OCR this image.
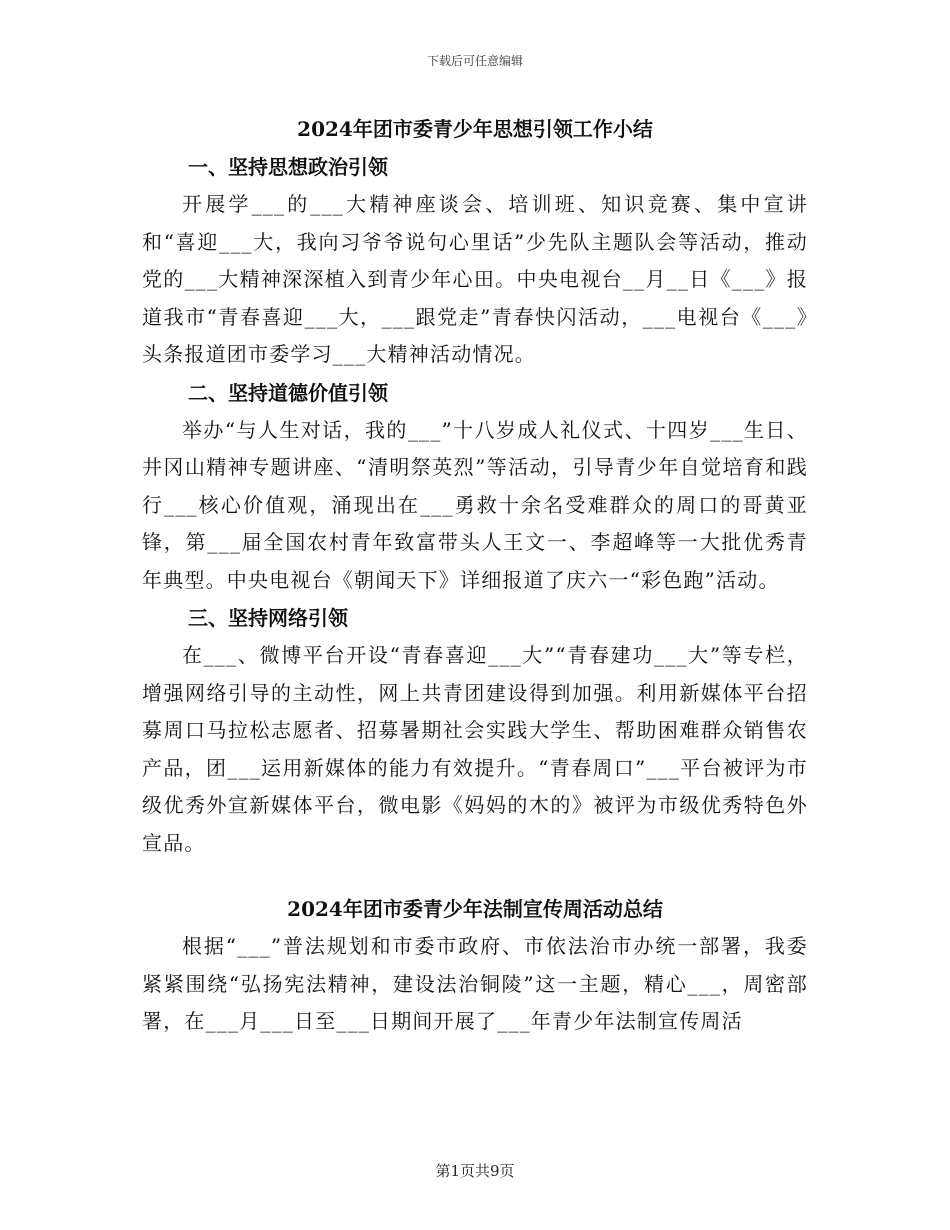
下载后可任意编辑
2024年团市委青少年思想引领工作小结
一、坚持思想政治引领

开展学___的___大精神座谈会、培训班、知识竞赛、集中宣讲和“喜迎___大，我向习爷爷说句心里话”少先队主题队会等活动，推动党的___大精神深深植入到青少年心田。中央电视台__月__日《___》报道我市“青春喜迎___大，___跟党走”青春快闪活动，___电视台《___》头条报道团市委学习___大精神活动情况。

二、坚持道德价值引领

举办“与人生对话，我的___”十八岁成人礼仪式、十四岁___生日、井冈山精神专题讲座、“清明祭英烈”等活动，引导青少年自觉培育和践行___核心价值观，涌现出在___勇救十余名受难群众的周口的哥黄亚锋，第___届全国农村青年致富带头人王文一、李超峰等一大批优秀青年典型。中央电视台《朝闻天下》详细报道了庆六一“彩色跑”活动。

三、坚持网络引领

在___、微博平台开设“青春喜迎___大”“青春建功___大”等专栏，增强网络引导的主动性，网上共青团建设得到加强。利用新媒体平台招募周口马拉松志愿者、招募暑期社会实践大学生、帮助困难群众销售农产品，团___运用新媒体的能力有效提升。“青春周口”___平台被评为市级优秀外宣新媒体平台，微电影《妈妈的木的》被评为市级优秀特色外宣品。

2024年团市委青少年法制宣传周活动总结

根据“___”普法规划和市委市政府、市依法治市办统一部署，我委紧紧围绕“弘扬宪法精神，建设法治铜陵”这一主题，精心___，周密部署，在___月___日至___日期间开展了___年青少年法制宣传周活

第1页共9页
